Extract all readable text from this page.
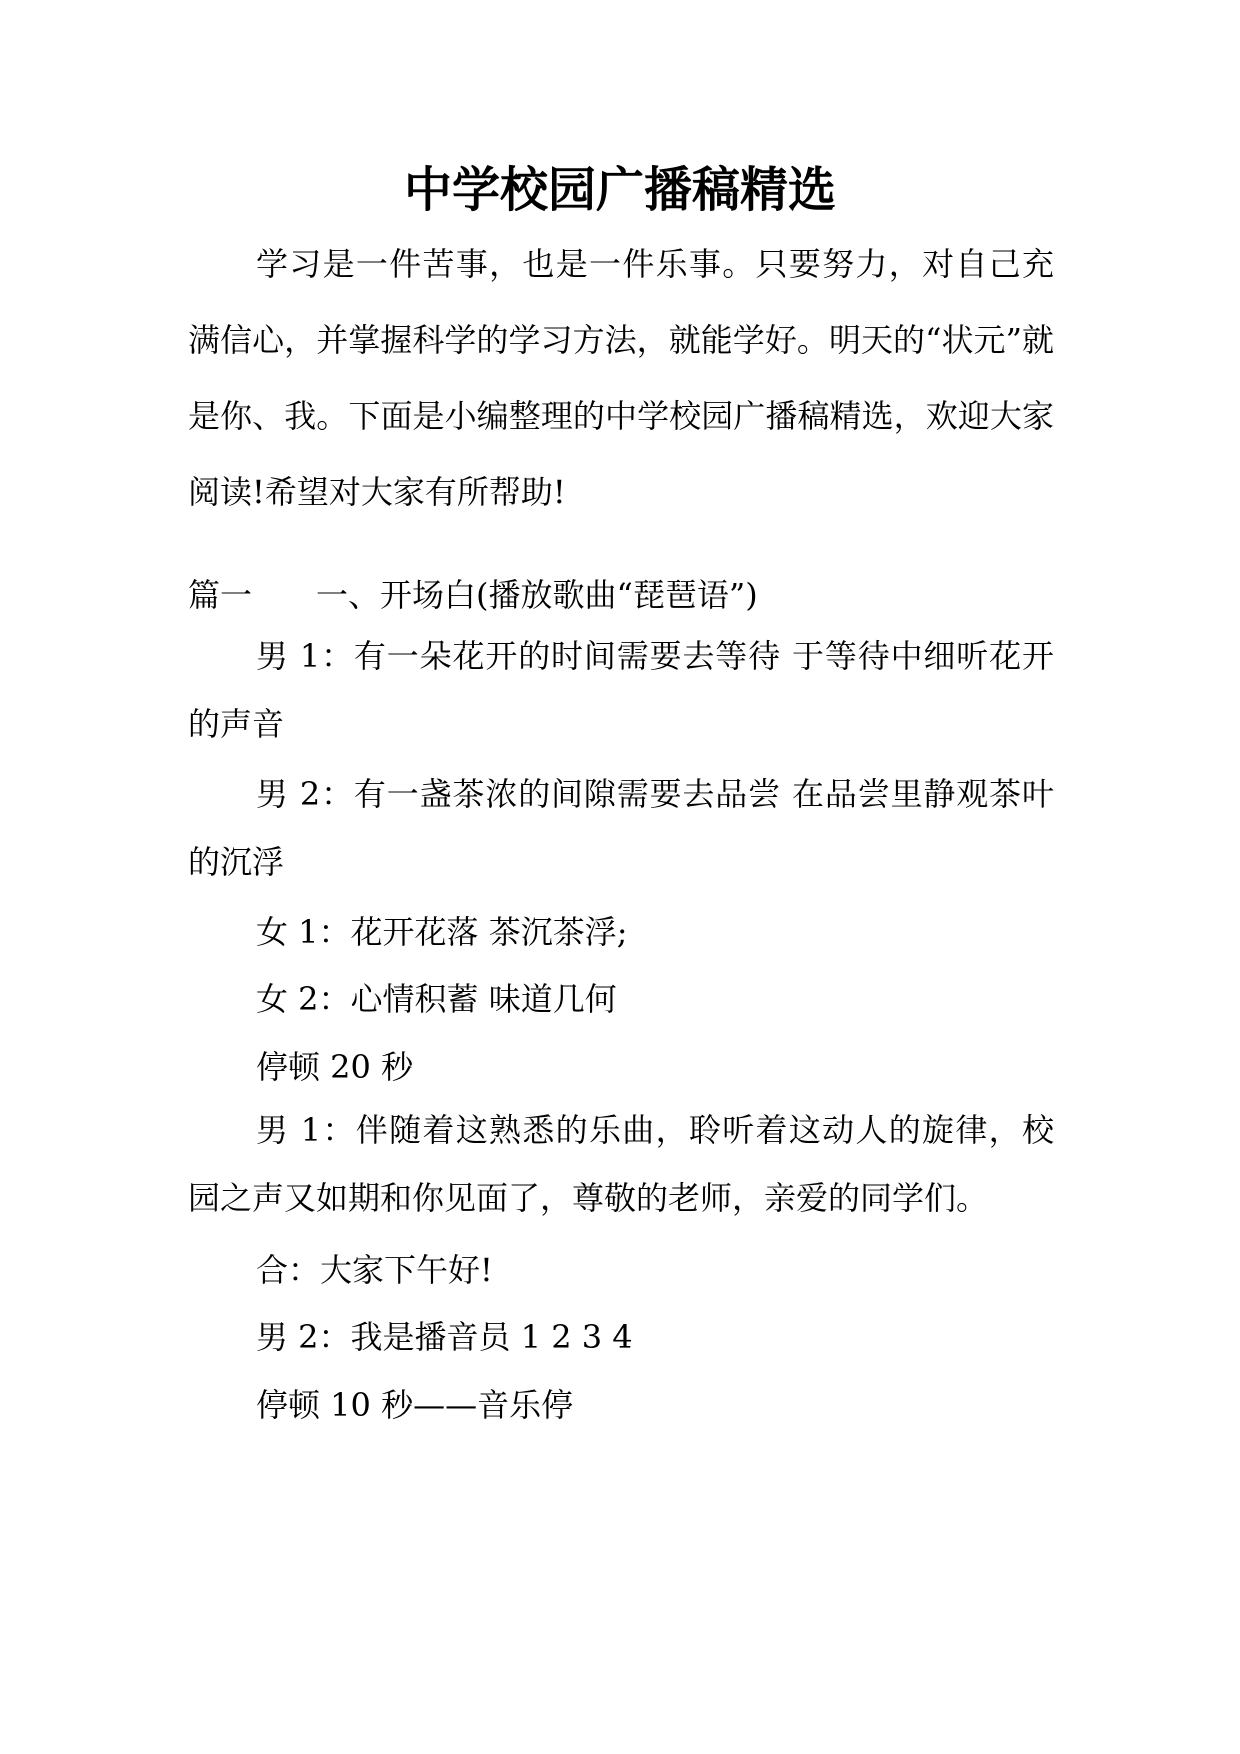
中学校园广播稿精选

学习是一件苦事，也是一件乐事。只要努力，对自己充满信心，并掌握科学的学习方法，就能学好。明天的“状元”就是你、我。下面是小编整理的中学校园广播稿精选，欢迎大家阅读!希望对大家有所帮助!

篇一 一、开场白(播放歌曲“琵琶语”)

男 1：有一朵花开的时间需要去等待 于等待中细听花开的声音

男 2：有一盏茶浓的间隙需要去品尝 在品尝里静观茶叶的沉浮

女 1：花开花落 茶沉茶浮;
女 2：心情积蓄 味道几何
停顿 20 秒

男 1：伴随着这熟悉的乐曲，聆听着这动人的旋律，校园之声又如期和你见面了，尊敬的老师，亲爱的同学们。

合：大家下午好!
男 2：我是播音员 1 2 3 4
停顿 10 秒——音乐停
